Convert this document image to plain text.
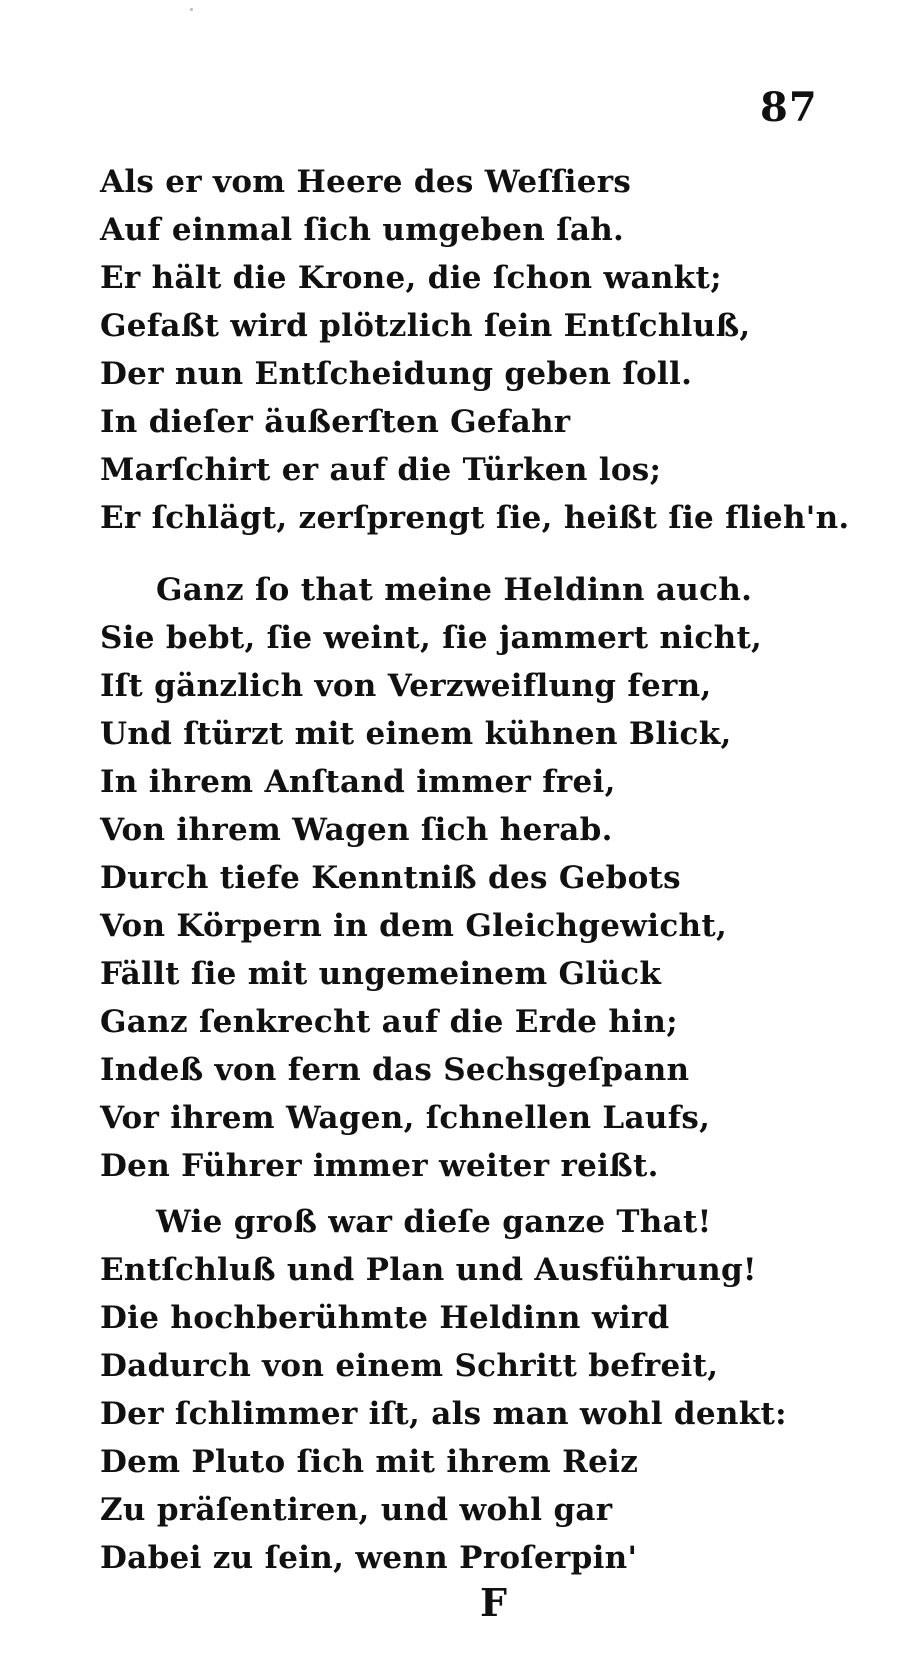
87
Als er vom Heere des Weſſiers
Auf einmal ſich umgeben ſah.
Er hält die Krone, die ſchon wankt;
Gefaßt wird plötzlich ſein Entſchluß,
Der nun Entſcheidung geben ſoll.
In dieſer äußerſten Gefahr
Marſchirt er auf die Türken los;
Er ſchlägt, zerſprengt ſie, heißt ſie flieh'n.
Ganz ſo that meine Heldinn auch.
Sie bebt, ſie weint, ſie jammert nicht,
Iſt gänzlich von Verzweiflung fern,
Und ſtürzt mit einem kühnen Blick,
In ihrem Anſtand immer frei,
Von ihrem Wagen ſich herab.
Durch tiefe Kenntniß des Gebots
Von Körpern in dem Gleichgewicht,
Fällt ſie mit ungemeinem Glück
Ganz ſenkrecht auf die Erde hin;
Indeß von fern das Sechsgeſpann
Vor ihrem Wagen, ſchnellen Laufs,
Den Führer immer weiter reißt.
Wie groß war dieſe ganze That!
Entſchluß und Plan und Ausführung!
Die hochberühmte Heldinn wird
Dadurch von einem Schritt befreit,
Der ſchlimmer iſt, als man wohl denkt:
Dem Pluto ſich mit ihrem Reiz
Zu präſentiren, und wohl gar
Dabei zu ſein, wenn Proſerpin'
F
